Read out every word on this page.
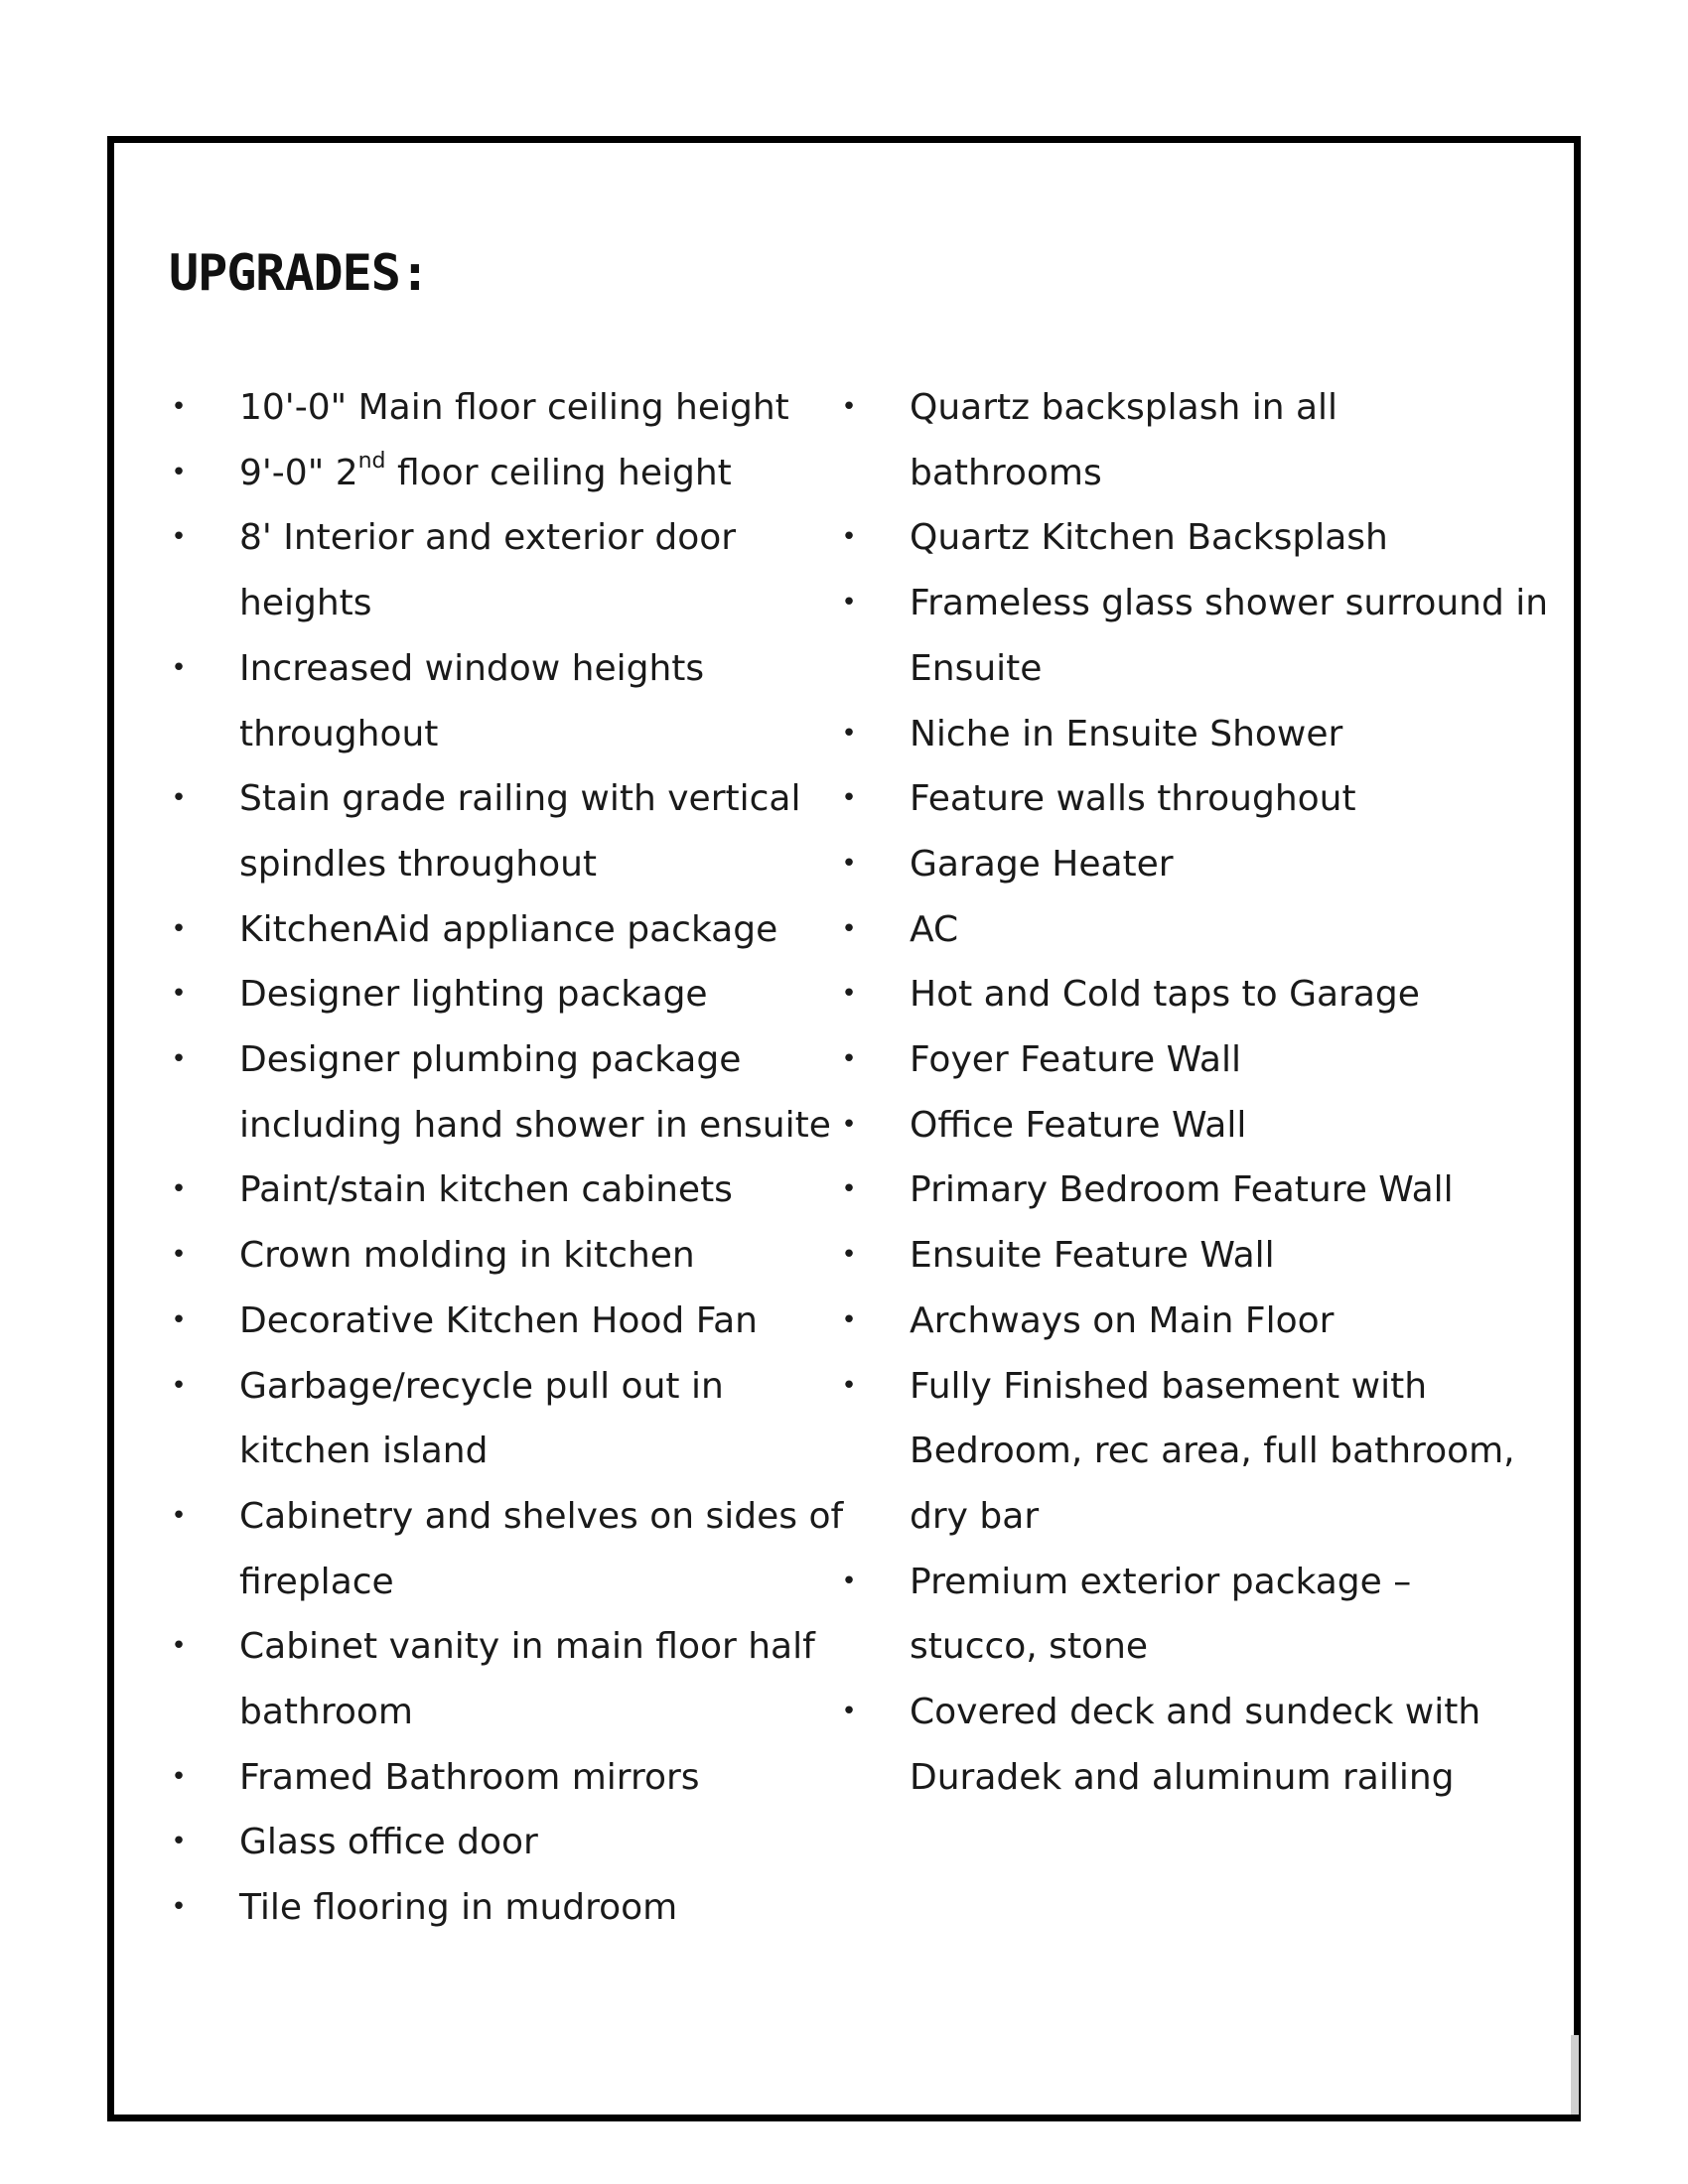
UPGRADES:
• 10'-0" Main floor ceiling height
• 9'-0" 2nd floor ceiling height
• 8' Interior and exterior door
heights
• Increased window heights
throughout
• Stain grade railing with vertical
spindles throughout
• KitchenAid appliance package
• Designer lighting package
• Designer plumbing package
including hand shower in ensuite
• Paint/stain kitchen cabinets
• Crown molding in kitchen
• Decorative Kitchen Hood Fan
• Garbage/recycle pull out in
kitchen island
• Cabinetry and shelves on sides of
fireplace
• Cabinet vanity in main floor half
bathroom
• Framed Bathroom mirrors
• Glass office door
• Tile flooring in mudroom
• Quartz backsplash in all
bathrooms
• Quartz Kitchen Backsplash
• Frameless glass shower surround in
Ensuite
• Niche in Ensuite Shower
• Feature walls throughout
• Garage Heater
• AC
• Hot and Cold taps to Garage
• Foyer Feature Wall
• Office Feature Wall
• Primary Bedroom Feature Wall
• Ensuite Feature Wall
• Archways on Main Floor
• Fully Finished basement with
Bedroom, rec area, full bathroom,
dry bar
• Premium exterior package –
stucco, stone
• Covered deck and sundeck with
Duradek and aluminum railing
